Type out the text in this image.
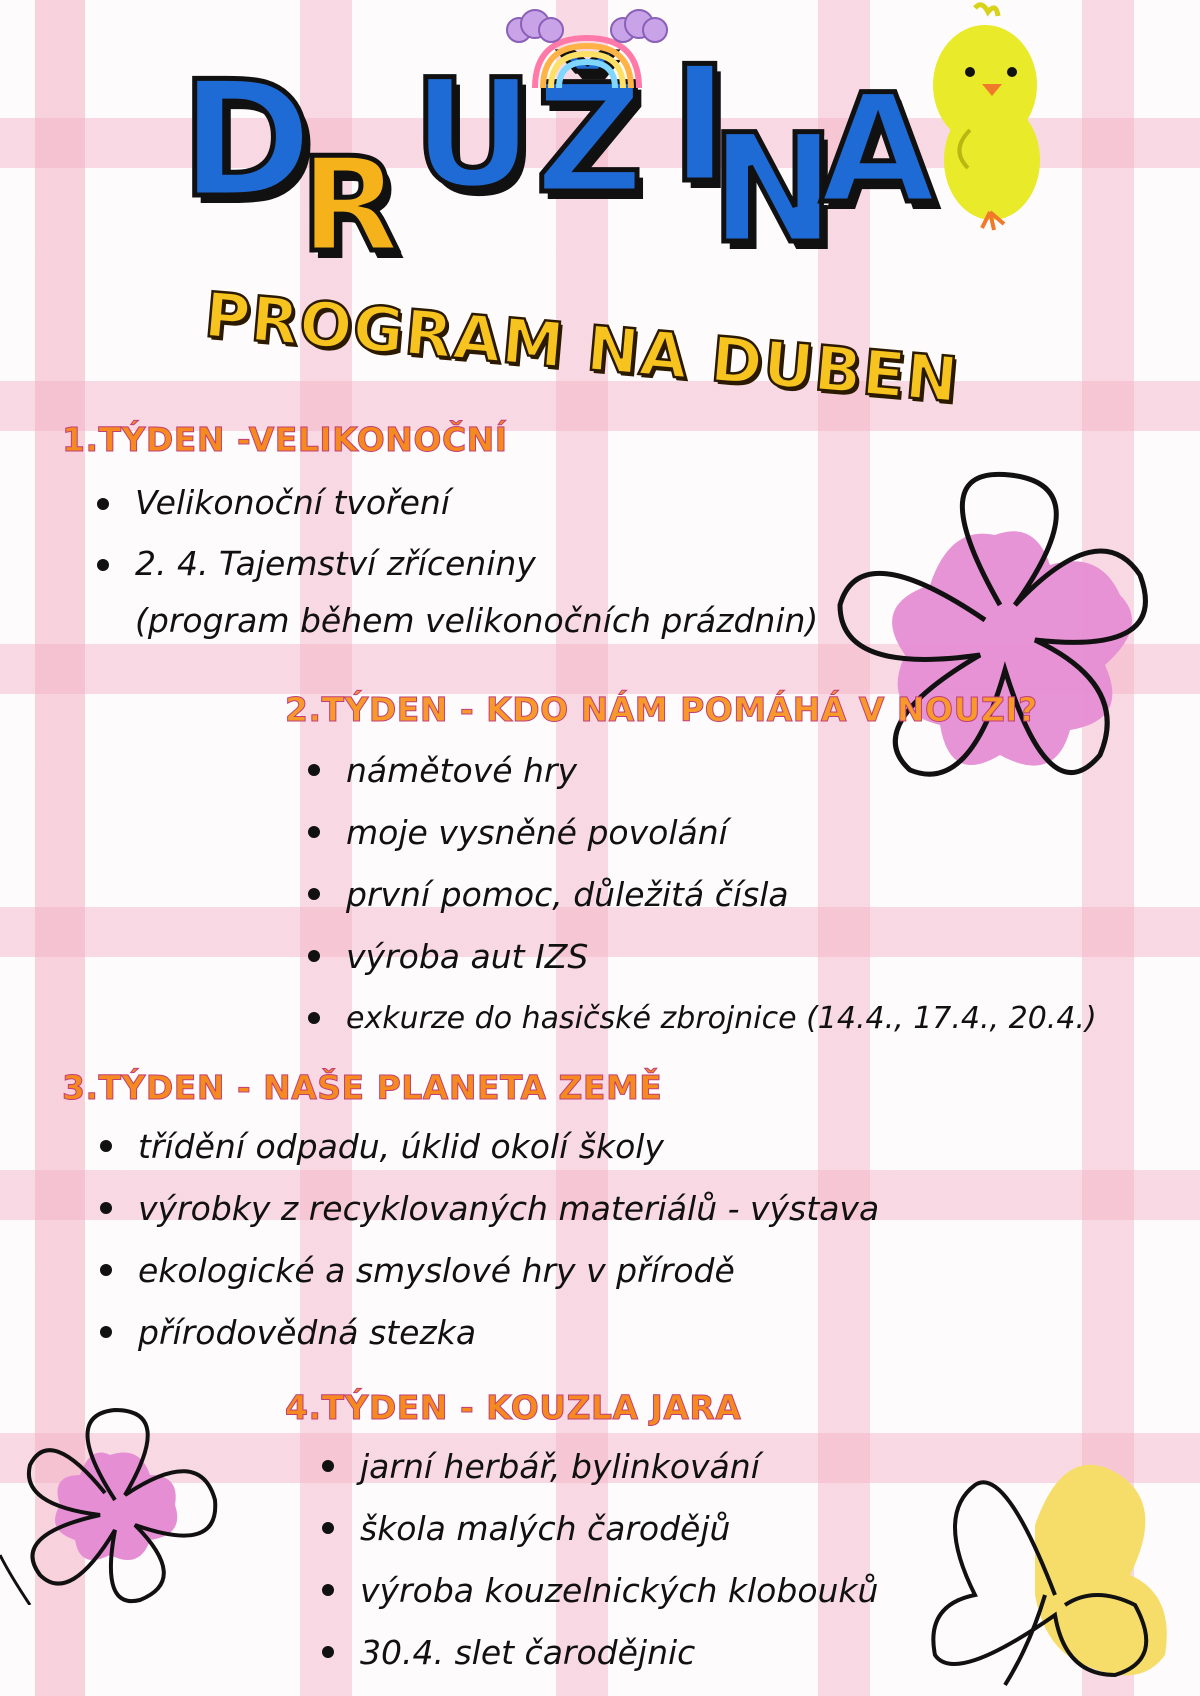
D
R U Ž I
N
A
PROGRAM NA DUBEN
1.TÝDEN -VELIKONOČNÍ
Velikonoční tvoření
2. 4. Tajemství zříceniny
(program během velikonočních prázdnin)
2.TÝDEN - KDO NÁM POMÁHÁ V NOUZI?
námětové hry
moje vysněné povolání
první pomoc, důležitá čísla
výroba aut IZS
exkurze do hasičské zbrojnice (14.4., 17.4., 20.4.)
3.TÝDEN - NAŠE PLANETA ZEMĚ
třídění odpadu, úklid okolí školy
výrobky z recyklovaných materiálů - výstava
ekologické a smyslové hry v přírodě
přírodovědná stezka
4.TÝDEN - KOUZLA JARA
jarní herbář, bylinkování
škola malých čarodějů
výroba kouzelnických klobouků
30.4. slet čarodějnic
